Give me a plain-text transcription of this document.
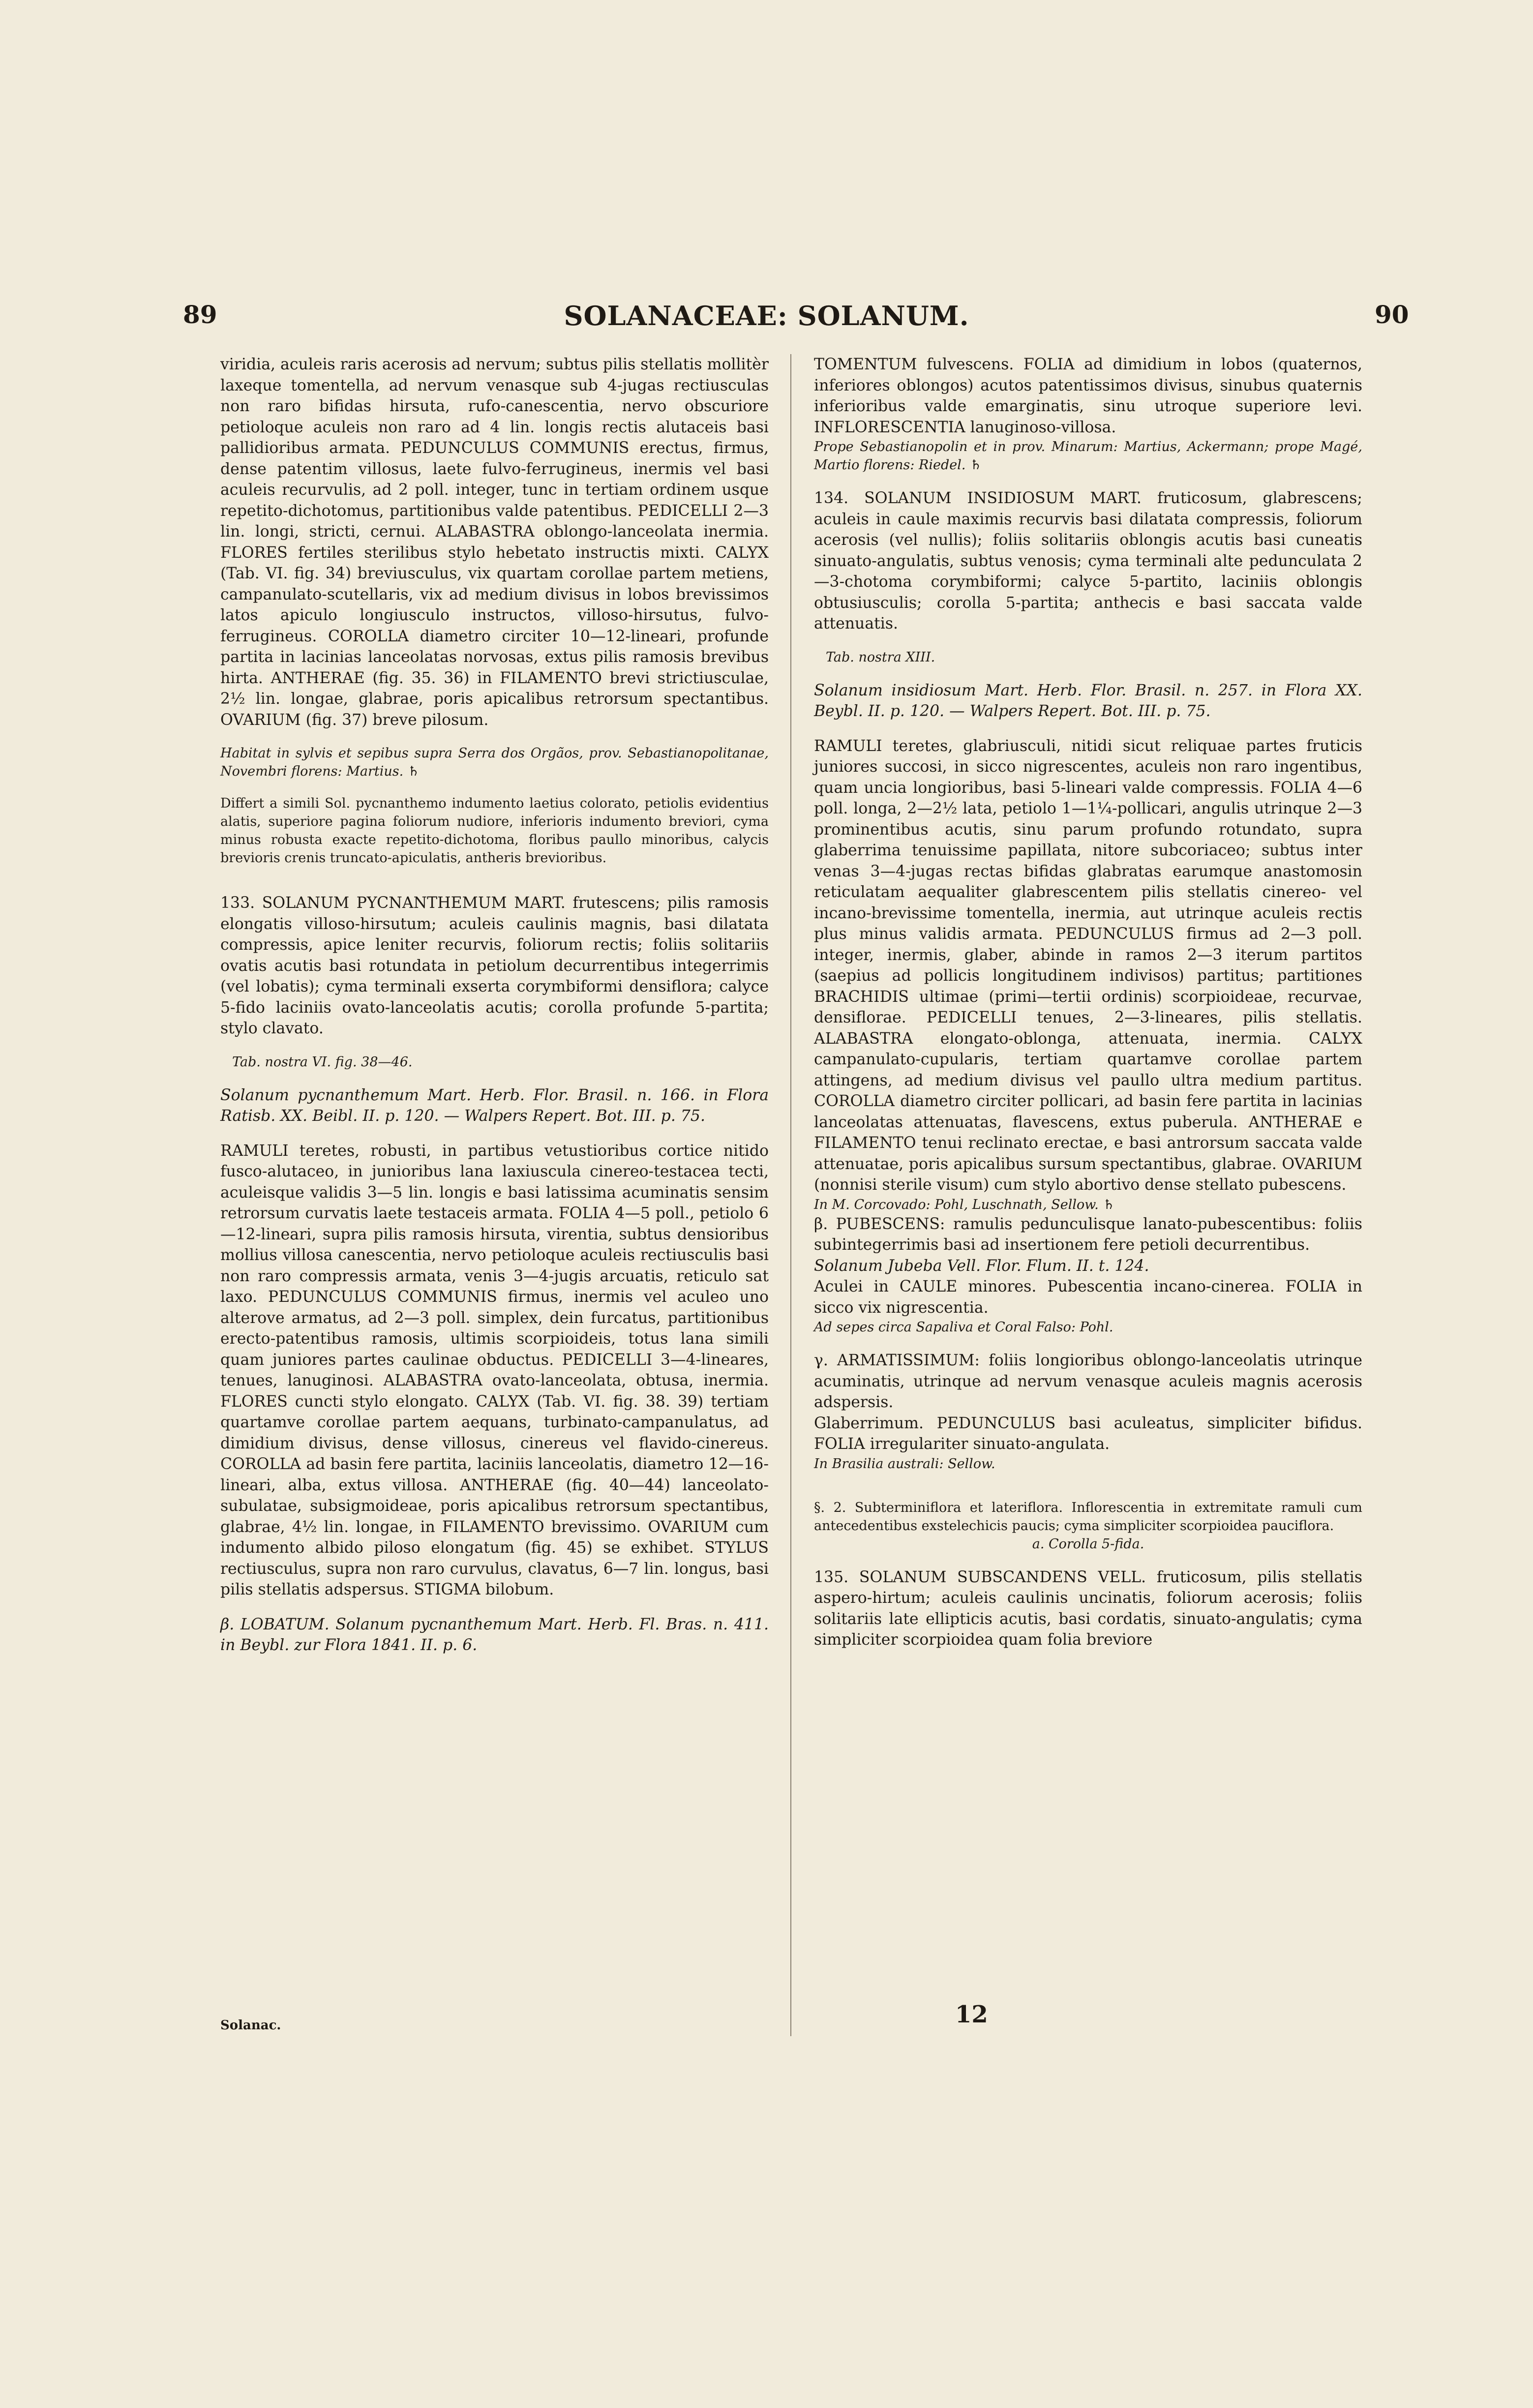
89	SOLANACEAE: SOLANUM.	90

viridia, aculeis raris acerosis ad nervum; subtus pilis stellatis mollitèr laxeque tomentella, ad nervum venasque sub 4-jugas rectiusculas non raro bifidas hirsuta, rufo-canescentia, nervo obscuriore petioloque aculeis non raro ad 4 lin. longis rectis alutaceis basi pallidioribus armata. PEDUNCULUS COMMUNIS erectus, firmus, dense patentim villosus, laete fulvo-ferrugineus, inermis vel basi aculeis recurvulis, ad 2 poll. integer, tunc in tertiam ordinem usque repetito-dichotomus, partitionibus valde patentibus. PEDICELLI 2—3 lin. longi, stricti, cernui. ALABASTRA oblongo-lanceolata inermia. FLORES fertiles sterilibus stylo hebetato instructis mixti. CALYX (Tab. VI. fig. 34) breviusculus, vix quartam corollae partem metiens, campanulato-scutellaris, vix ad medium divisus in lobos brevissimos latos apiculo longiusculo instructos, villoso-hirsutus, fulvo-ferrugineus. COROLLA diametro circiter 10—12-lineari, profunde partita in lacinias lanceolatas norvosas, extus pilis ramosis brevibus hirta. ANTHERAE (fig. 35. 36) in FILAMENTO brevi strictiusculae, 2½ lin. longae, glabrae, poris apicalibus retrorsum spectantibus. OVARIUM (fig. 37) breve pilosum.

Habitat in sylvis et sepibus supra Serra dos Orgãos, prov. Sebastianopolitanae, Novembri florens: Martius. ♄

Differt a simili Sol. pycnanthemo indumento laetius colorato, petiolis evidentius alatis, superiore pagina foliorum nudiore, inferioris indumento breviori, cyma minus robusta exacte repetito-dichotoma, floribus paullo minoribus, calycis brevioris crenis truncato-apiculatis, antheris brevioribus.

133. SOLANUM PYCNANTHEMUM MART. frutescens; pilis ramosis elongatis villoso-hirsutum; aculeis caulinis magnis, basi dilatata compressis, apice leniter recurvis, foliorum rectis; foliis solitariis ovatis acutis basi rotundata in petiolum decurrentibus integerrimis (vel lobatis); cyma terminali exserta corymbiformi densiflora; calyce 5-fido laciniis ovato-lanceolatis acutis; corolla profunde 5-partita; stylo clavato.

Tab. nostra VI. fig. 38—46.

Solanum pycnanthemum Mart. Herb. Flor. Brasil. n. 166. in Flora Ratisb. XX. Beibl. II. p. 120. — Walpers Repert. Bot. III. p. 75.

RAMULI teretes, robusti, in partibus vetustioribus cortice nitido fusco-alutaceo, in junioribus lana laxiuscula cinereo-testacea tecti, aculeisque validis 3—5 lin. longis e basi latissima acuminatis sensim retrorsum curvatis laete testaceis armata. FOLIA 4—5 poll., petiolo 6—12-lineari, supra pilis ramosis hirsuta, virentia, subtus densioribus mollius villosa canescentia, nervo petioloque aculeis rectiusculis basi non raro compressis armata, venis 3—4-jugis arcuatis, reticulo sat laxo. PEDUNCULUS COMMUNIS firmus, inermis vel aculeo uno alterove armatus, ad 2—3 poll. simplex, dein furcatus, partitionibus erecto-patentibus ramosis, ultimis scorpioideis, totus lana simili quam juniores partes caulinae obductus. PEDICELLI 3—4-lineares, tenues, lanuginosi. ALABASTRA ovato-lanceolata, obtusa, inermia. FLORES cuncti stylo elongato. CALYX (Tab. VI. fig. 38. 39) tertiam quartamve corollae partem aequans, turbinato-campanulatus, ad dimidium divisus, dense villosus, cinereus vel flavido-cinereus. COROLLA ad basin fere partita, laciniis lanceolatis, diametro 12—16-lineari, alba, extus villosa. ANTHERAE (fig. 40—44) lanceolato-subulatae, subsigmoideae, poris apicalibus retrorsum spectantibus, glabrae, 4½ lin. longae, in FILAMENTO brevissimo. OVARIUM cum indumento albido piloso elongatum (fig. 45) se exhibet. STYLUS rectiusculus, supra non raro curvulus, clavatus, 6—7 lin. longus, basi pilis stellatis adspersus. STIGMA bilobum.

β. LOBATUM. Solanum pycnanthemum Mart. Herb. Fl. Bras. n. 411. in Beybl. zur Flora 1841. II. p. 6.

TOMENTUM fulvescens. FOLIA ad dimidium in lobos (quaternos, inferiores oblongos) acutos patentissimos divisus, sinubus quaternis inferioribus valde emarginatis, sinu utroque superiore levi. INFLORESCENTIA lanuginoso-villosa.

Prope Sebastianopolin et in prov. Minarum: Martius, Ackermann; prope Magé, Martio florens: Riedel. ♄

134. SOLANUM INSIDIOSUM MART. fruticosum, glabrescens; aculeis in caule maximis recurvis basi dilatata compressis, foliorum acerosis (vel nullis); foliis solitariis oblongis acutis basi cuneatis sinuato-angulatis, subtus venosis; cyma terminali alte pedunculata 2—3-chotoma corymbiformi; calyce 5-partito, laciniis oblongis obtusiusculis; corolla 5-partita; anthecis e basi saccata valde attenuatis.

Tab. nostra XIII.

Solanum insidiosum Mart. Herb. Flor. Brasil. n. 257. in Flora XX. Beybl. II. p. 120. — Walpers Repert. Bot. III. p. 75.

RAMULI teretes, glabriusculi, nitidi sicut reliquae partes fruticis juniores succosi, in sicco nigrescentes, aculeis non raro ingentibus, quam uncia longioribus, basi 5-lineari valde compressis. FOLIA 4—6 poll. longa, 2—2½ lata, petiolo 1—1¼-pollicari, angulis utrinque 2—3 prominentibus acutis, sinu parum profundo rotundato, supra glaberrima tenuissime papillata, nitore subcoriaceo; subtus inter venas 3—4-jugas rectas bifidas glabratas earumque anastomosin reticulatam aequaliter glabrescentem pilis stellatis cinereo- vel incano-brevissime tomentella, inermia, aut utrinque aculeis rectis plus minus validis armata. PEDUNCULUS firmus ad 2—3 poll. integer, inermis, glaber, abinde in ramos 2—3 iterum partitos (saepius ad pollicis longitudinem indivisos) partitus; partitiones BRACHIDIS ultimae (primi—tertii ordinis) scorpioideae, recurvae, densiflorae. PEDICELLI tenues, 2—3-lineares, pilis stellatis. ALABASTRA elongato-oblonga, attenuata, inermia. CALYX campanulato-cupularis, tertiam quartamve corollae partem attingens, ad medium divisus vel paullo ultra medium partitus. COROLLA diametro circiter pollicari, ad basin fere partita in lacinias lanceolatas attenuatas, flavescens, extus puberula. ANTHERAE e FILAMENTO tenui reclinato erectae, e basi antrorsum saccata valde attenuatae, poris apicalibus sursum spectantibus, glabrae. OVARIUM (nonnisi sterile visum) cum stylo abortivo dense stellato pubescens.

In M. Corcovado: Pohl, Luschnath, Sellow. ♄

β. PUBESCENS: ramulis pedunculisque lanato-pubescentibus: foliis subintegerrimis basi ad insertionem fere petioli decurrentibus.

Solanum Jubeba Vell. Flor. Flum. II. t. 124.

Aculei in CAULE minores. Pubescentia incano-cinerea. FOLIA in sicco vix nigrescentia.

Ad sepes circa Sapaliva et Coral Falso: Pohl.

γ. ARMATISSIMUM: foliis longioribus oblongo-lanceolatis utrinque acuminatis, utrinque ad nervum venasque aculeis magnis acerosis adspersis.

Glaberrimum. PEDUNCULUS basi aculeatus, simpliciter bifidus. FOLIA irregulariter sinuato-angulata.

In Brasilia australi: Sellow.

§. 2. Subterminiflora et lateriflora. Inflorescentia in extremitate ramuli cum antecedentibus exstelechicis paucis; cyma simpliciter scorpioidea pauciflora.

a. Corolla 5-fida.

135. SOLANUM SUBSCANDENS VELL. fruticosum, pilis stellatis aspero-hirtum; aculeis caulinis uncinatis, foliorum acerosis; foliis solitariis late ellipticis acutis, basi cordatis, sinuato-angulatis; cyma simpliciter scorpioidea quam folia breviore

Solanac.	12
